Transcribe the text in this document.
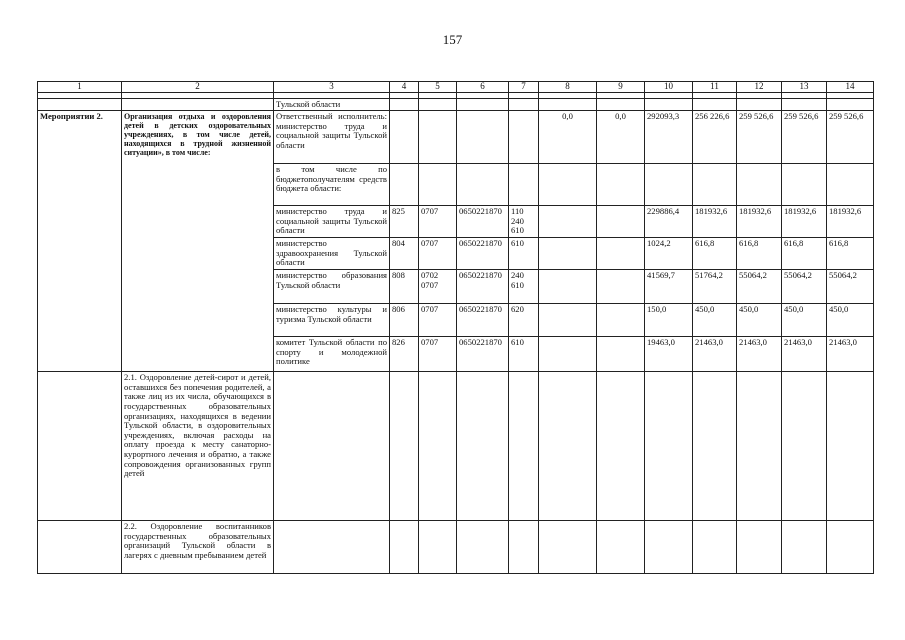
157
1	2	3	4	5	6	7	8	9	10	11	12	13	14

		Тульской области											
Мероприятии 2.	Организация отдыха и оздоровления детей в детских оздоровательных учреждениях, в том числе детей, находящихся в трудной жизненной ситуации», в том числе:	Ответственный исполнитель: министерство труда и социальной защиты Тульской области					0,0	0,0	292093,3	256 226,6	259 526,6	259 526,6	259 526,6
		в том числе по бюджетополучателям средств бюджета области:											
		министерство труда и социальной защиты Тульской области	825	0707	0650221870	110
240
610			229886,4	181932,6	181932,6	181932,6	181932,6
		министерство здравоохранения Тульской области	804	0707	0650221870	610			1024,2	616,8	616,8	616,8	616,8
		министерство образования Тульской области	808	0702
0707	0650221870	240
610			41569,7	51764,2	55064,2	55064,2	55064,2
		министерство культуры и туризма Тульской области	806	0707	0650221870	620			150,0	450,0	450,0	450,0	450,0
		комитет Тульской области по спорту и молодежной политике	826	0707	0650221870	610			19463,0	21463,0	21463,0	21463,0	21463,0
	2.1. Оздоровление детей-сирот и детей, оставшихся без попечения родителей, а также лиц из их числа, обучающихся в государственных образовательных организациях, находящихся в ведении Тульской области, в оздоровительных учреждениях, включая расходы на оплату проезда к месту санаторно-курортного лечения и обратно, а также сопровождения организованных групп детей												
	2.2. Оздоровление воспитанников государственных образовательных организаций Тульской области в лагерях с дневным пребыванием детей												
